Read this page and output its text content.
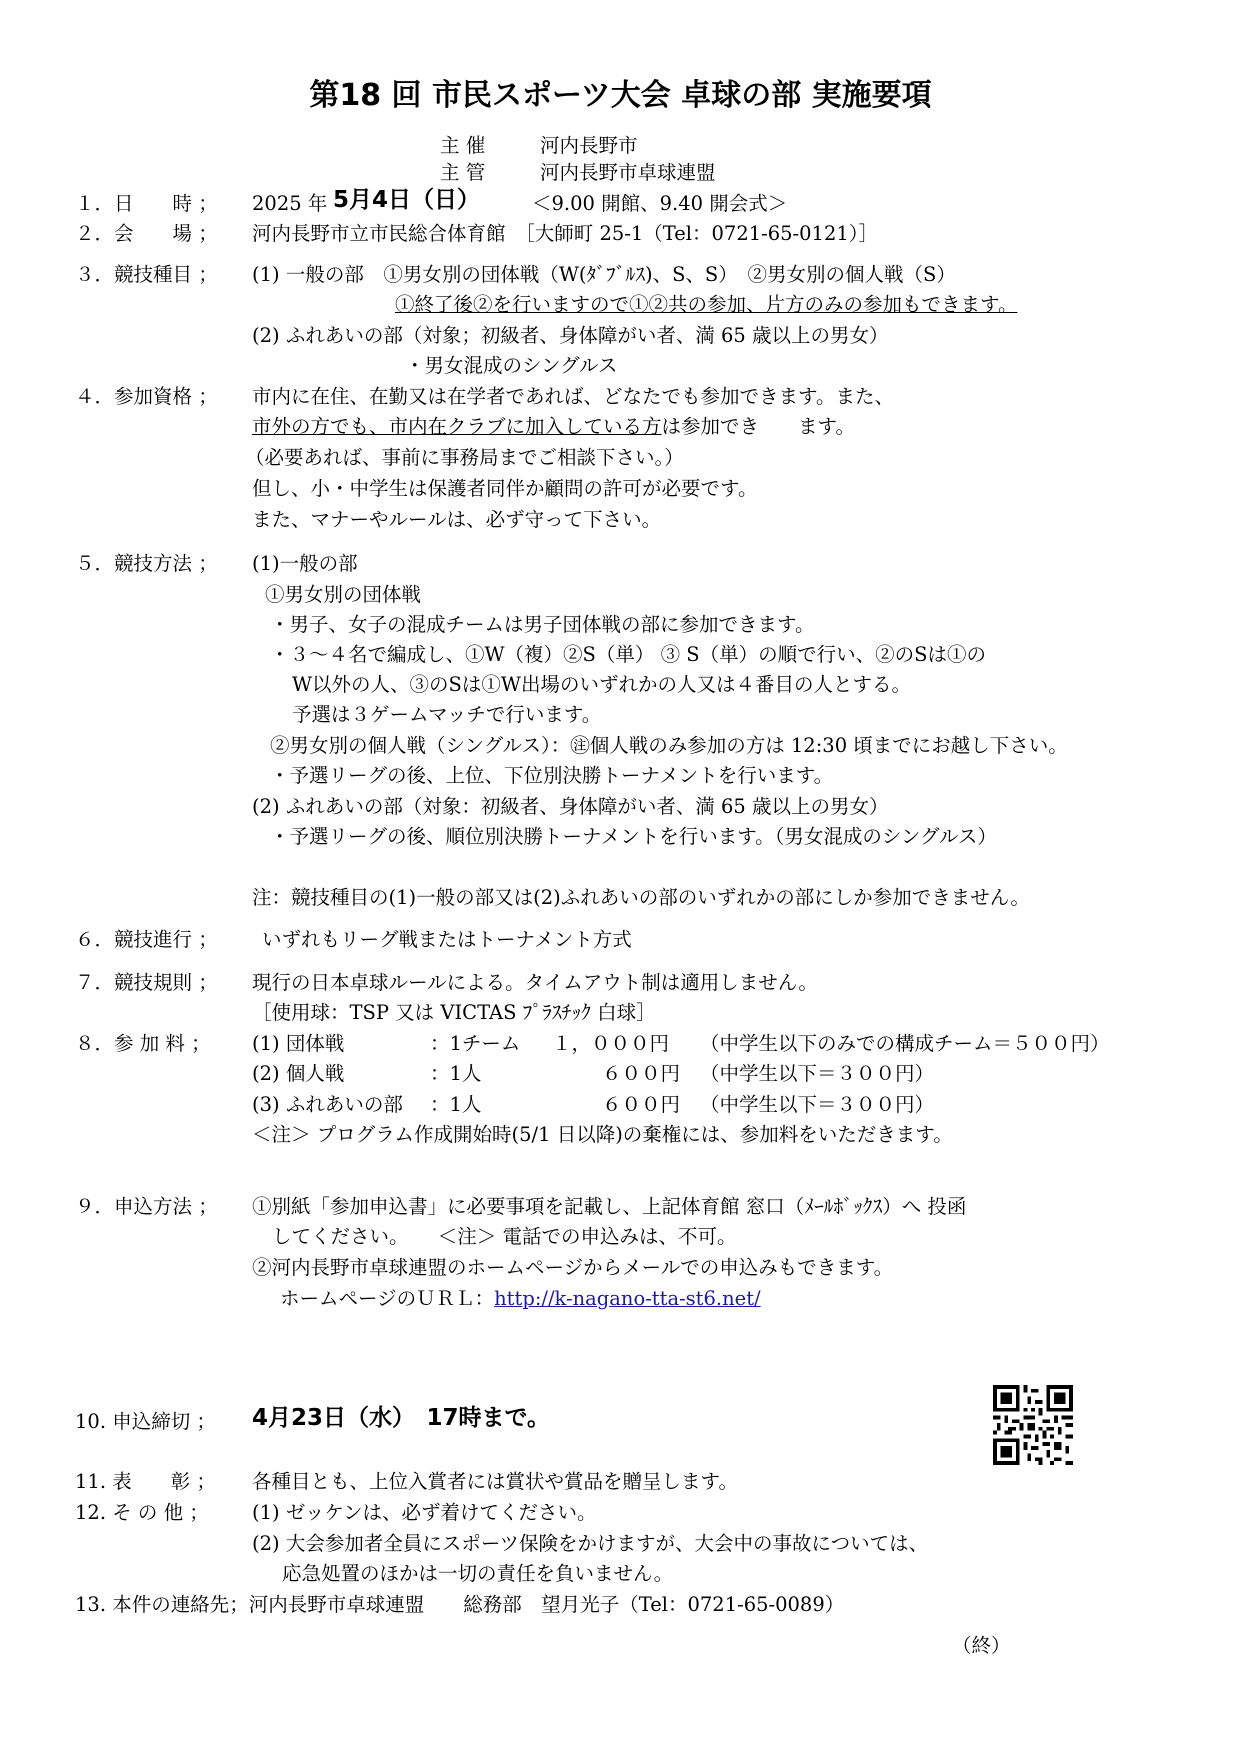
第18 回 市民スポーツ大会 卓球の部 実施要項
主 催	河内長野市
主 管	河内長野市卓球連盟
１．日　　時 ； 2025 年 5月4日（日）	＜9.00 開館、9.40 開会式＞
２．会　　場 ； 河内長野市立市民総合体育館　［大師町 25-1（Tel：0721-65-0121）］
３．競技種目 ； (1) 一般の部　①男女別の団体戦（W(ﾀﾞﾌﾞﾙｽ)、S、S）　②男女別の個人戦（S）
①終了後②を行いますので①②共の参加、片方のみの参加もできます。
(2) ふれあいの部（対象；初級者、身体障がい者、満 65 歳以上の男女）
・男女混成のシングルス
４．参加資格 ； 市内に在住、在勤又は在学者であれば、どなたでも参加できます。また、
市外の方でも、市内在クラブに加入している方は参加でき　　ます。
（必要あれば、事前に事務局までご相談下さい。）
但し、小・中学生は保護者同伴か顧問の許可が必要です。
また、マナーやルールは、必ず守って下さい。
５．競技方法 ； (1)一般の部
①男女別の団体戦
・男子、女子の混成チームは男子団体戦の部に参加できます。
・３～４名で編成し、①W（複）②S（単） ③ S（単）の順で行い、②のSは①の
W以外の人、③のSは①W出場のいずれかの人又は４番目の人とする。
予選は３ゲームマッチで行います。
②男女別の個人戦（シングルス）：㊟個人戦のみ参加の方は 12:30 頃までにお越し下さい。
・予選リーグの後、上位、下位別決勝トーナメントを行います。
(2) ふれあいの部（対象：初級者、身体障がい者、満 65 歳以上の男女）
・予選リーグの後、順位別決勝トーナメントを行います。（男女混成のシングルス）
注：競技種目の(1)一般の部又は(2)ふれあいの部のいずれかの部にしか参加できません。
６．競技進行 ； いずれもリーグ戦またはトーナメント方式
７．競技規則 ； 現行の日本卓球ルールによる。タイムアウト制は適用しません。
［使用球：TSP 又は VICTAS ﾌﾟﾗｽﾁｯｸ 白球］
８．参 加 料 ； (1) 団体戦	：1チーム １，０００円 （中学生以下のみでの構成チーム＝５００円）
(2) 個人戦	：1人	６００円 （中学生以下＝３００円）
(3) ふれあいの部 ：1人	６００円 （中学生以下＝３００円）
＜注＞ プログラム作成開始時(5/1 日以降)の棄権には、参加料をいただきます。
９．申込方法 ； ①別紙「参加申込書」に必要事項を記載し、上記体育館 窓口（ﾒｰﾙﾎﾞｯｸｽ）へ 投函
してください。　　＜注＞ 電話での申込みは、不可。
②河内長野市卓球連盟のホームページからメールでの申込みもできます。
ホームページのＵＲＬ：http://k-nagano-tta-st6.net/
10. 申込締切 ； 4月23日（水）　17時まで。
11. 表　　彰 ； 各種目とも、上位入賞者には賞状や賞品を贈呈します。
12. そ の 他 ； (1) ゼッケンは、必ず着けてください。
(2) 大会参加者全員にスポーツ保険をかけますが、大会中の事故については、
応急処置のほかは一切の責任を負いません。
13. 本件の連絡先；河内長野市卓球連盟　　総務部　望月光子（Tel：0721-65-0089）
（終）
